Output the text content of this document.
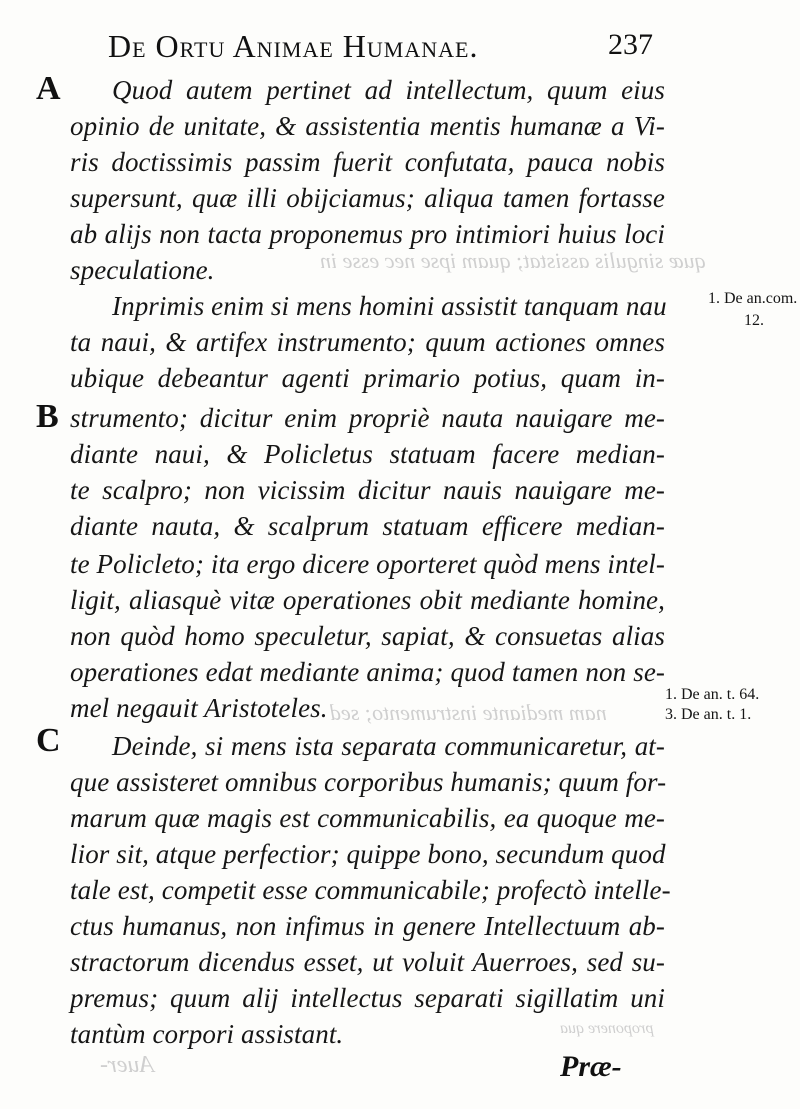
quæ singulis assistat; quam ipse nec esse in
nam mediante instrumento; sed
Auer-
proponere qua
De Ortu Animae Humanae.	237
A
B
C
Quod autem pertinet ad intellectum, quum eius
opinio de unitate, & assistentia mentis humanæ a Vi-
ris doctissimis passim fuerit confutata, pauca nobis
supersunt, quæ illi obijciamus; aliqua tamen fortasse
ab alijs non tacta proponemus pro intimiori huius loci
speculatione.
Inprimis enim si mens homini assistit tanquam nau
ta naui, & artifex instrumento; quum actiones omnes
ubique debeantur agenti primario potius, quam in-
strumento; dicitur enim propriè nauta nauigare me-
diante naui, & Policletus statuam facere median-
te scalpro; non vicissim dicitur nauis nauigare me-
diante nauta, & scalprum statuam efficere median-
te Policleto; ita ergo dicere oporteret quòd mens intel-
ligit, aliasquè vitæ operationes obit mediante homine,
non quòd homo speculetur, sapiat, & consuetas alias
operationes edat mediante anima; quod tamen non se-
mel negauit Aristoteles.
Deinde, si mens ista separata communicaretur, at-
que assisteret omnibus corporibus humanis; quum for-
marum quæ magis est communicabilis, ea quoque me-
lior sit, atque perfectior; quippe bono, secundum quod
tale est, competit esse communicabile; profectò intelle-
ctus humanus, non infimus in genere Intellectuum ab-
stractorum dicendus esset, ut voluit Auerroes, sed su-
premus; quum alij intellectus separati sigillatim uni
tantùm corpori assistant.
1. De an.com.
12.
1. De an. t. 64.
3. De an. t. 1.
Præ-
